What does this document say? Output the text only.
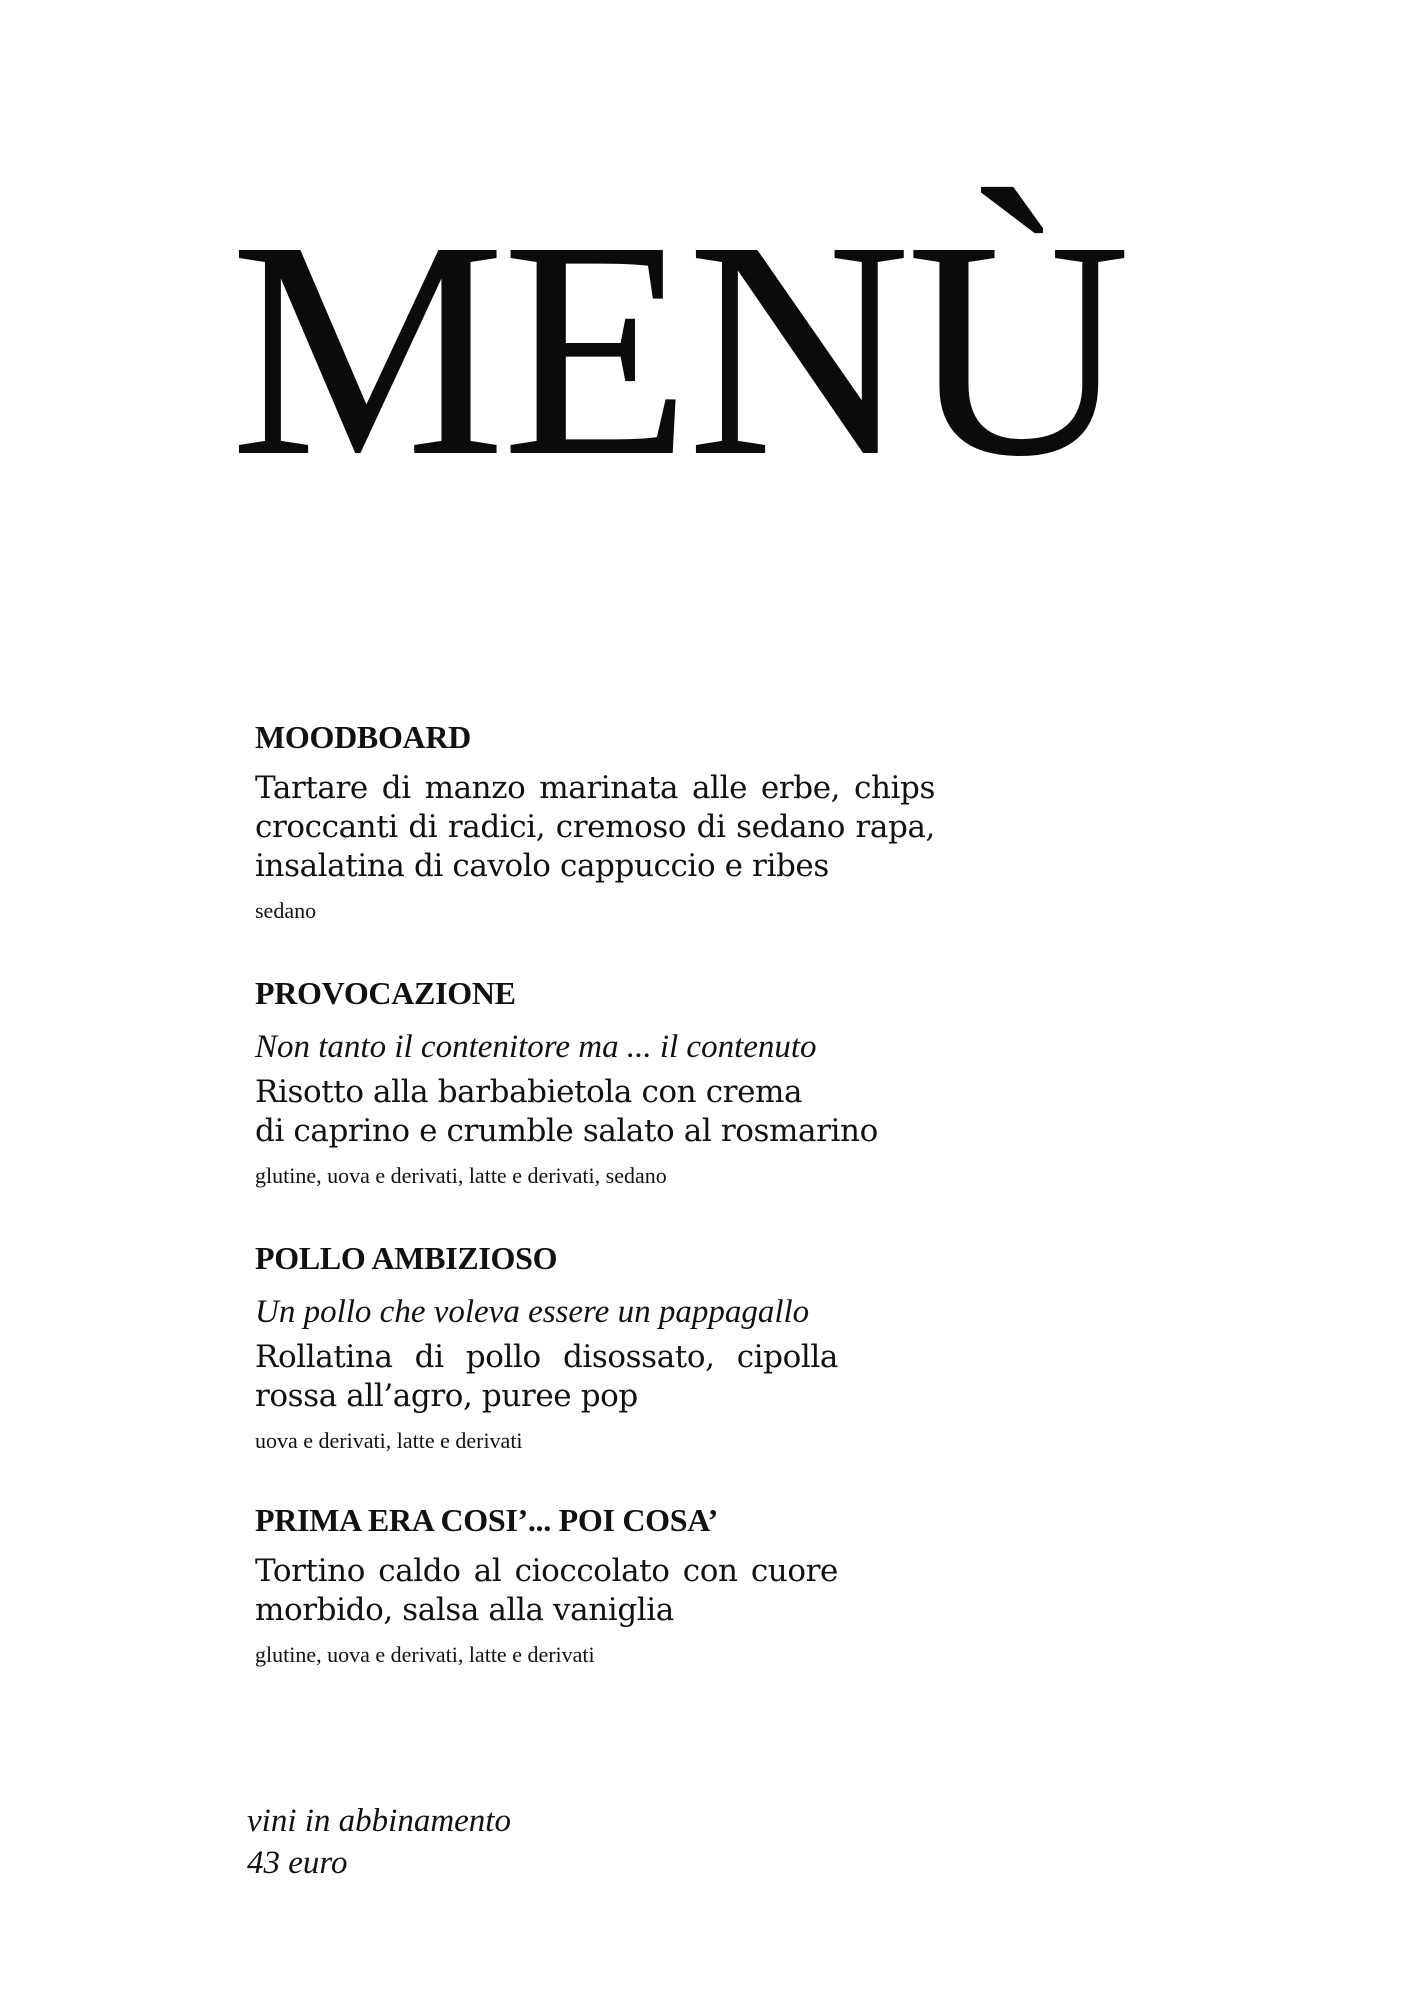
MENÙ
MOODBOARD
Tartare di manzo marinata alle erbe, chips
croccanti di radici, cremoso di sedano rapa,
insalatina di cavolo cappuccio e ribes
sedano
PROVOCAZIONE
Non tanto il contenitore ma ... il contenuto
Risotto alla barbabietola con crema
di caprino e crumble salato al rosmarino
glutine, uova e derivati, latte e derivati, sedano
POLLO AMBIZIOSO
Un pollo che voleva essere un pappagallo
Rollatina di pollo disossato, cipolla
rossa all’agro, puree pop
uova e derivati, latte e derivati
PRIMA ERA COSI’... POI COSA’
Tortino caldo al cioccolato con cuore
morbido, salsa alla vaniglia
glutine, uova e derivati, latte e derivati
vini in abbinamento
43 euro
